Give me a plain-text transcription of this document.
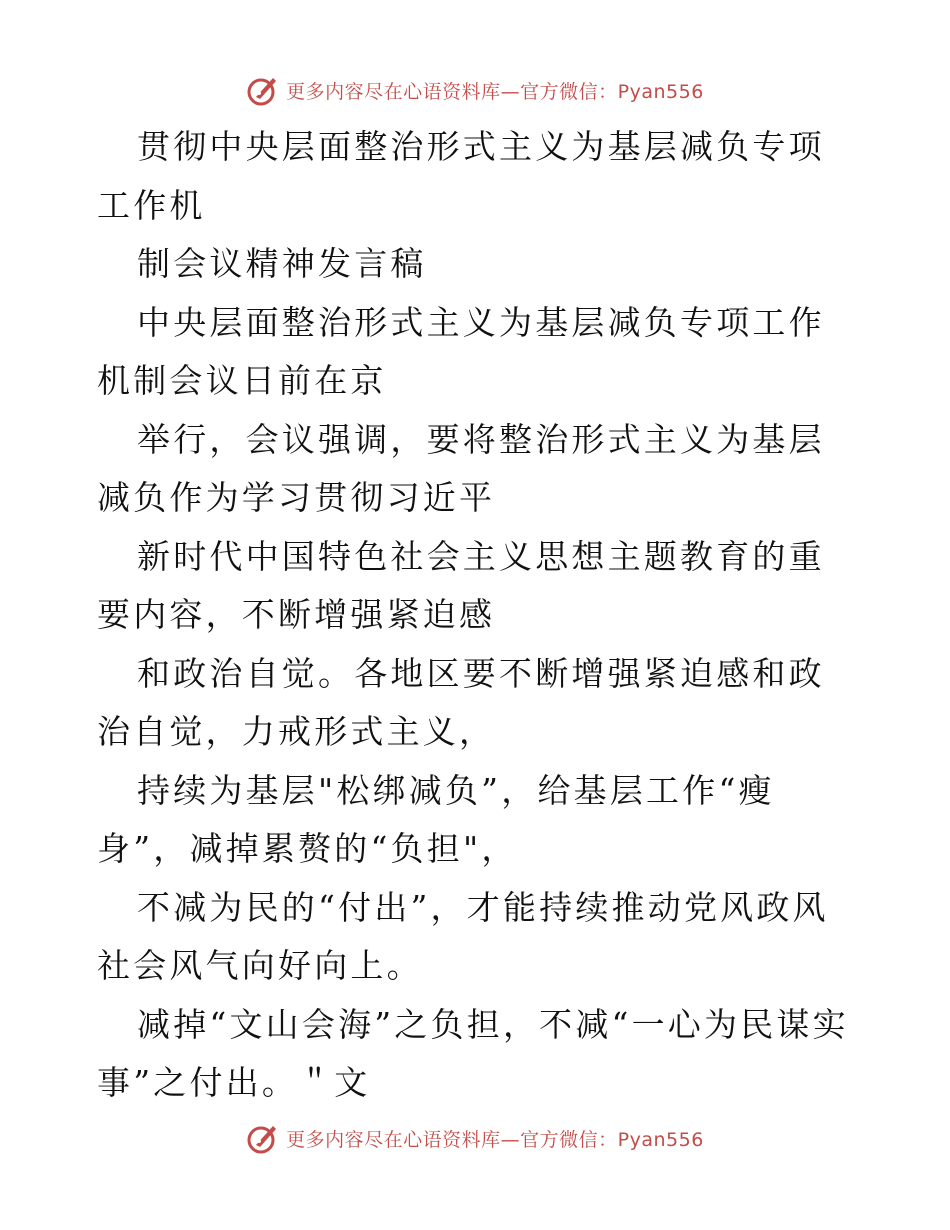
更多内容尽在心语资料库—官方微信：Pyan556

贯彻中央层面整治形式主义为基层减负专项工作机

制会议精神发言稿

中央层面整治形式主义为基层减负专项工作机制会议日前在京

举行，会议强调，要将整治形式主义为基层减负作为学习贯彻习近平

新时代中国特色社会主义思想主题教育的重要内容，不断增强紧迫感

和政治自觉。各地区要不断增强紧迫感和政治自觉，力戒形式主义，

持续为基层"松绑减负”，给基层工作“瘦身”，减掉累赘的“负担"，

不减为民的“付出”，才能持续推动党风政风社会风气向好向上。

减掉“文山会海”之负担，不减“一心为民谋实事”之付出。＂文

更多内容尽在心语资料库—官方微信：Pyan556
